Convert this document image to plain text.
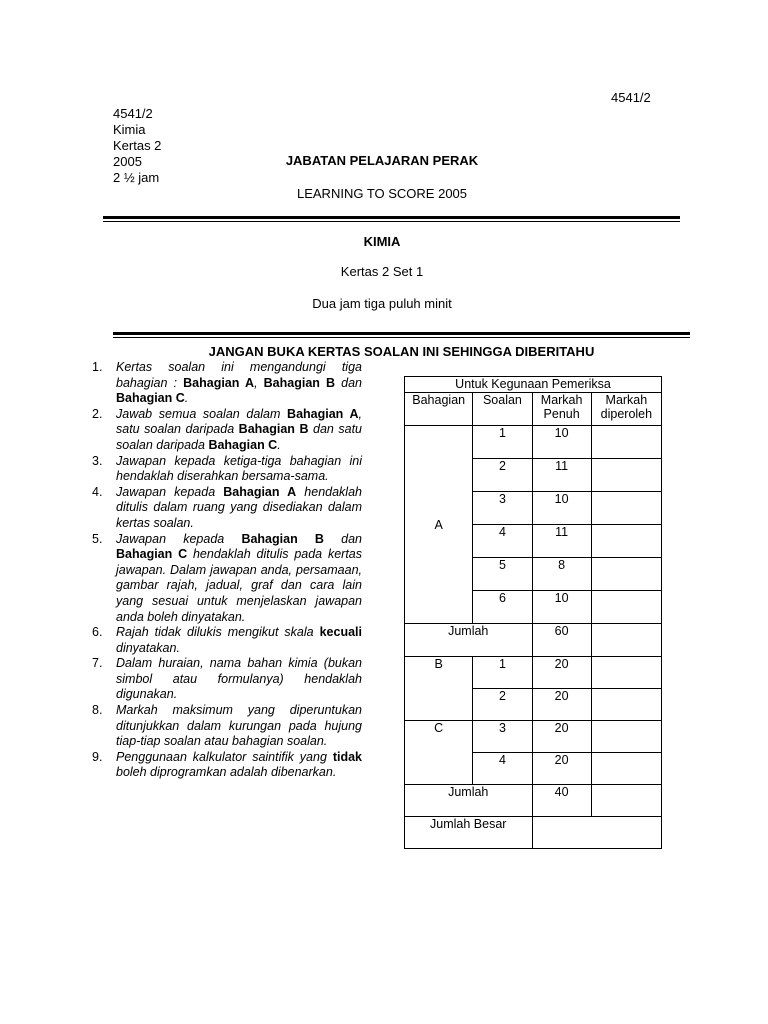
4541/2
4541/2
Kimia
Kertas 2
2005
2 ½ jam
JABATAN PELAJARAN PERAK
LEARNING TO SCORE 2005
KIMIA
Kertas 2 Set 1
Dua jam tiga puluh minit
JANGAN BUKA KERTAS SOALAN INI SEHINGGA DIBERITAHU
1. Kertas soalan ini mengandungi tiga bahagian : Bahagian A, Bahagian B dan Bahagian C.
2. Jawab semua soalan dalam Bahagian A, satu soalan daripada Bahagian B dan satu soalan daripada Bahagian C.
3. Jawapan kepada ketiga-tiga bahagian ini hendaklah diserahkan bersama-sama.
4. Jawapan kepada Bahagian A hendaklah ditulis dalam ruang yang disediakan dalam kertas soalan.
5. Jawapan kepada Bahagian B dan Bahagian C hendaklah ditulis pada kertas jawapan. Dalam jawapan anda, persamaan, gambar rajah, jadual, graf dan cara lain yang sesuai untuk menjelaskan jawapan anda boleh dinyatakan.
6. Rajah tidak dilukis mengikut skala kecuali dinyatakan.
7. Dalam huraian, nama bahan kimia (bukan simbol atau formulanya) hendaklah digunakan.
8. Markah maksimum yang diperuntukan ditunjukkan dalam kurungan pada hujung tiap-tiap soalan atau bahagian soalan.
9. Penggunaan kalkulator saintifik yang tidak boleh diprogramkan adalah dibenarkan.
Untuk Kegunaan Pemeriksa			
Bahagian	Soalan	Markah Penuh	Markah diperoleh
A	1	10	
	2	11	
	3	10	
	4	11	
	5	8	
	6	10	
Jumlah		60	
B	1	20	
	2	20	
C	3	20	
	4	20	
Jumlah		40	
Jumlah Besar			
